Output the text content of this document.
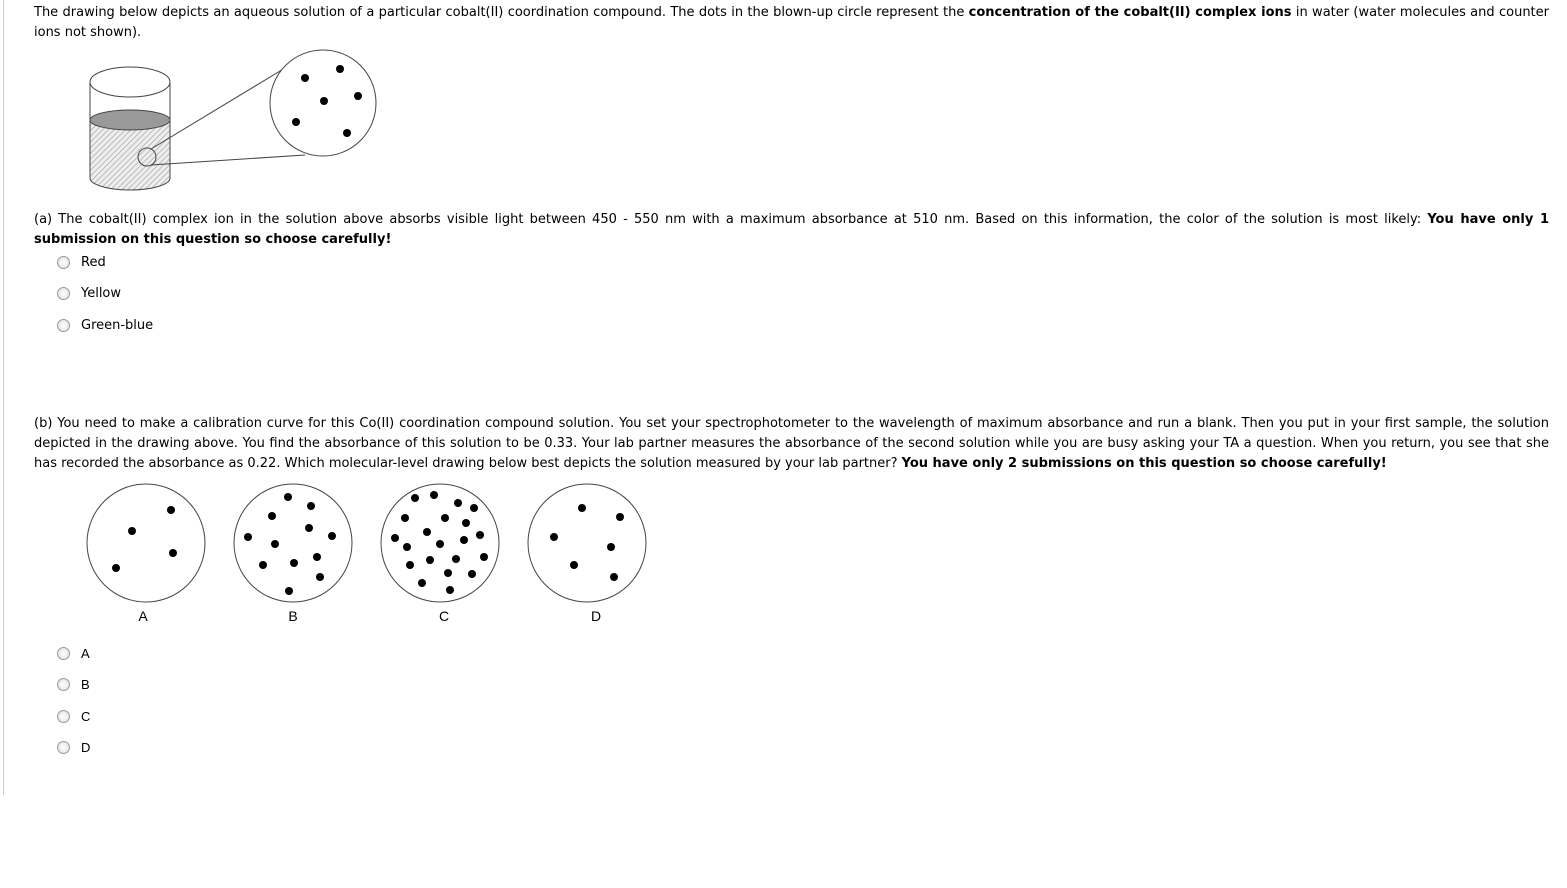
The drawing below depicts an aqueous solution of a particular cobalt(II) coordination compound. The dots in the blown-up circle represent the concentration of the cobalt(II) complex ions in water (water molecules and counter ions not shown).
A	B	C	D
(a) The cobalt(II) complex ion in the solution above absorbs visible light between 450 - 550 nm with a maximum absorbance at 510 nm. Based on this information, the color of the solution is most likely: You have only 1 submission on this question so choose carefully!
Red
Yellow
Green-blue
(b) You need to make a calibration curve for this Co(II) coordination compound solution. You set your spectrophotometer to the wavelength of maximum absorbance and run a blank. Then you put in your first sample, the solution depicted in the drawing above. You find the absorbance of this solution to be 0.33. Your lab partner measures the absorbance of the second solution while you are busy asking your TA a question. When you return, you see that she has recorded the absorbance as 0.22. Which molecular-level drawing below best depicts the solution measured by your lab partner? You have only 2 submissions on this question so choose carefully!
A
B
C
D
